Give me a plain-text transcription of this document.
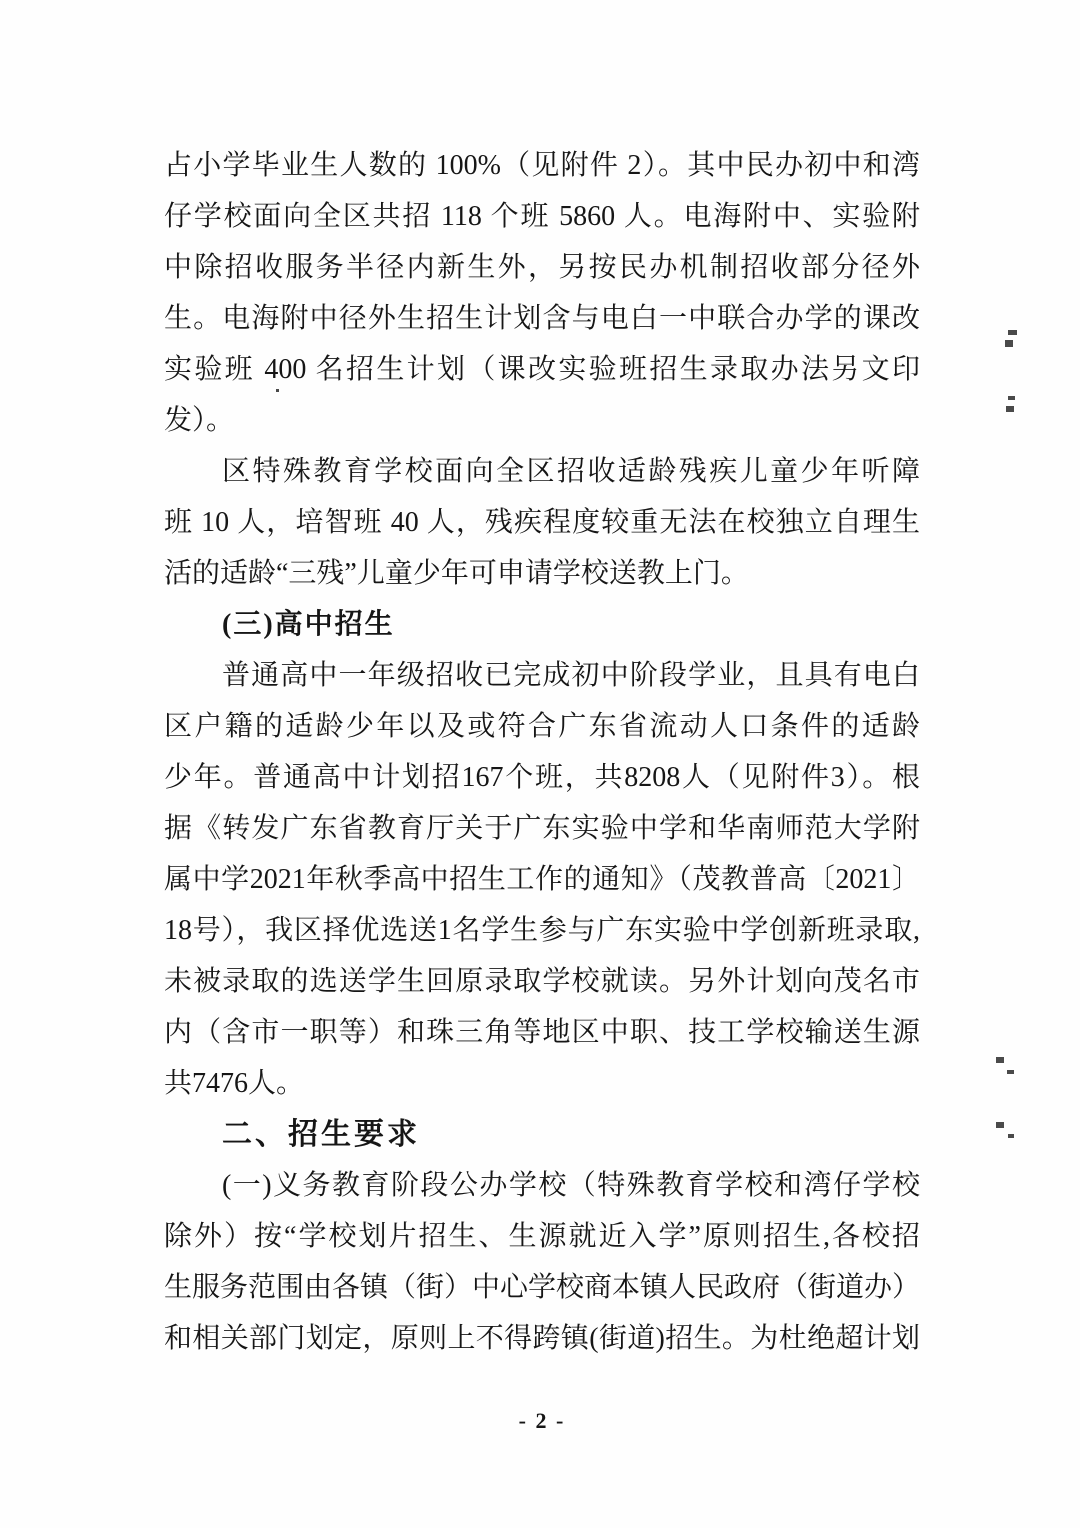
占小学毕业生人数的 100%（见附件 2）。其中民办初中和湾
仔学校面向全区共招 118 个班 5860 人。电海附中、实验附
中除招收服务半径内新生外，另按民办机制招收部分径外
生。电海附中径外生招生计划含与电白一中联合办学的课改
实验班 400 名招生计划（课改实验班招生录取办法另文印
发）。
区特殊教育学校面向全区招收适龄残疾儿童少年听障
班 10 人，培智班 40 人，残疾程度较重无法在校独立自理生
活的适龄“三残”儿童少年可申请学校送教上门。
(三)高中招生
普通高中一年级招收已完成初中阶段学业，且具有电白
区户籍的适龄少年以及或符合广东省流动人口条件的适龄
少年。普通高中计划招167个班，共8208人（见附件3）。根
据《转发广东省教育厅关于广东实验中学和华南师范大学附
属中学2021年秋季高中招生工作的通知》（茂教普高〔2021〕
18号），我区择优选送1名学生参与广东实验中学创新班录取,
未被录取的选送学生回原录取学校就读。另外计划向茂名市
内（含市一职等）和珠三角等地区中职、技工学校输送生源
共7476人。
二、招生要求
(一)义务教育阶段公办学校（特殊教育学校和湾仔学校
除外）按“学校划片招生、生源就近入学”原则招生,各校招
生服务范围由各镇（街）中心学校商本镇人民政府（街道办）
和相关部门划定，原则上不得跨镇(街道)招生。为杜绝超计划
- 2 -
